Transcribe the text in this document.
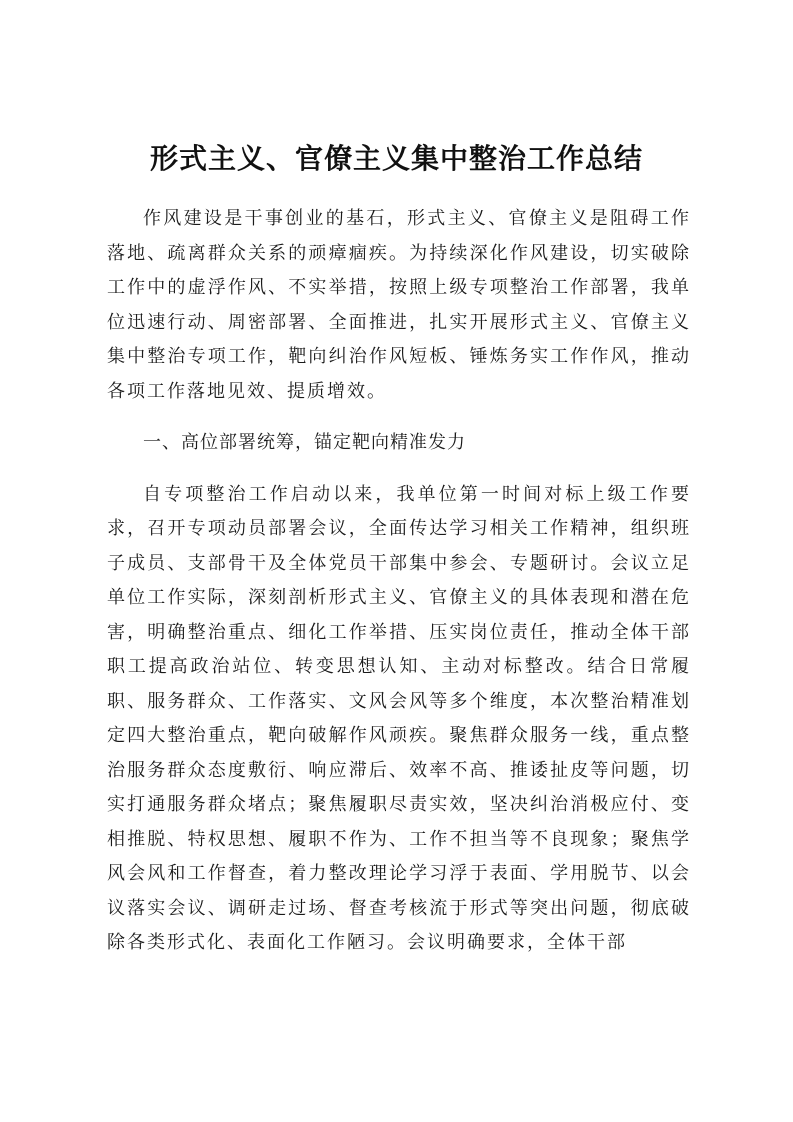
形式主义、官僚主义集中整治工作总结

作风建设是干事创业的基石，形式主义、官僚主义是阻碍工作落地、疏离群众关系的顽瘴痼疾。为持续深化作风建设，切实破除工作中的虚浮作风、不实举措，按照上级专项整治工作部署，我单位迅速行动、周密部署、全面推进，扎实开展形式主义、官僚主义集中整治专项工作，靶向纠治作风短板、锤炼务实工作作风，推动各项工作落地见效、提质增效。

一、高位部署统筹，锚定靶向精准发力

自专项整治工作启动以来，我单位第一时间对标上级工作要求，召开专项动员部署会议，全面传达学习相关工作精神，组织班子成员、支部骨干及全体党员干部集中参会、专题研讨。会议立足单位工作实际，深刻剖析形式主义、官僚主义的具体表现和潜在危害，明确整治重点、细化工作举措、压实岗位责任，推动全体干部职工提高政治站位、转变思想认知、主动对标整改。结合日常履职、服务群众、工作落实、文风会风等多个维度，本次整治精准划定四大整治重点，靶向破解作风顽疾。聚焦群众服务一线，重点整治服务群众态度敷衍、响应滞后、效率不高、推诿扯皮等问题，切实打通服务群众堵点；聚焦履职尽责实效，坚决纠治消极应付、变相推脱、特权思想、履职不作为、工作不担当等不良现象；聚焦学风会风和工作督查，着力整改理论学习浮于表面、学用脱节、以会议落实会议、调研走过场、督查考核流于形式等突出问题，彻底破除各类形式化、表面化工作陋习。会议明确要求，全体干部
